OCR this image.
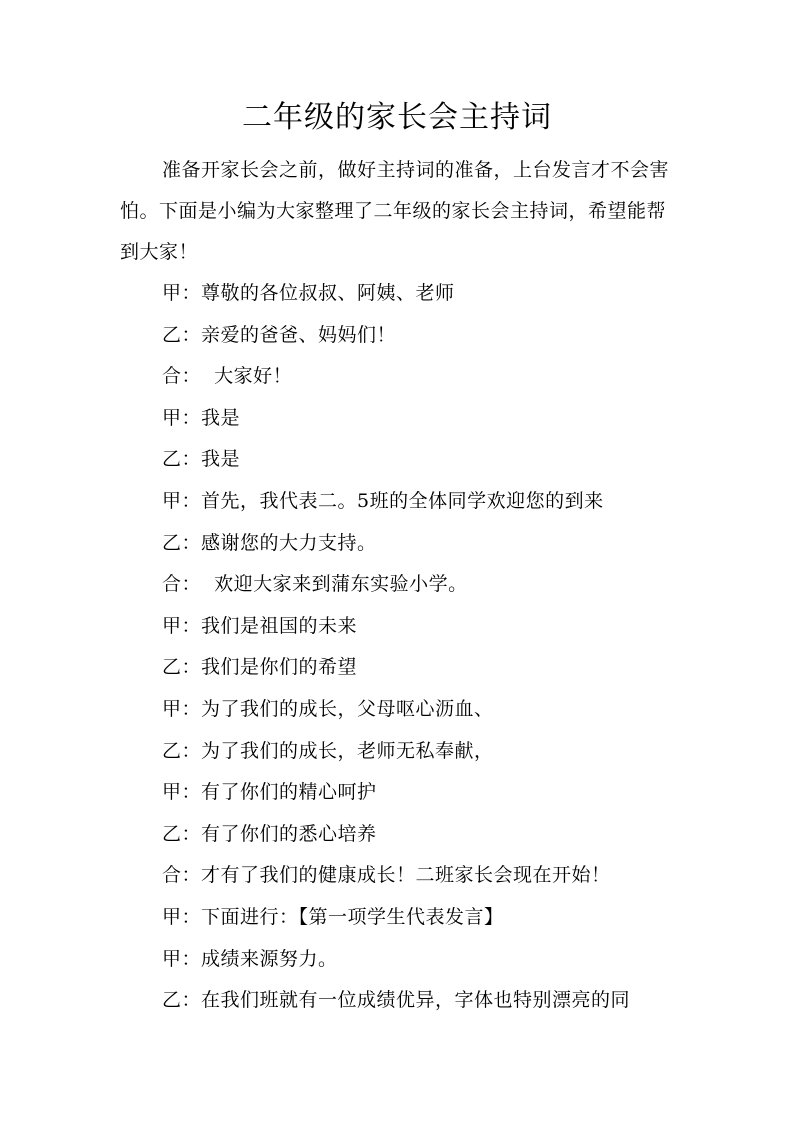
二年级的家长会主持词

准备开家长会之前，做好主持词的准备，上台发言才不会害怕。下面是小编为大家整理了二年级的家长会主持词，希望能帮到大家！

甲：尊敬的各位叔叔、阿姨、老师

乙：亲爱的爸爸、妈妈们！

合：  大家好！

甲：我是

乙：我是

甲：首先，我代表二。5班的全体同学欢迎您的到来

乙：感谢您的大力支持。

合：  欢迎大家来到蒲东实验小学。

甲：我们是祖国的未来

乙：我们是你们的希望

甲：为了我们的成长，父母呕心沥血、

乙：为了我们的成长，老师无私奉献，

甲：有了你们的精心呵护

乙：有了你们的悉心培养

合：才有了我们的健康成长！二班家长会现在开始！

甲：下面进行：【第一项学生代表发言】

甲：成绩来源努力。

乙：在我们班就有一位成绩优异，字体也特别漂亮的同
